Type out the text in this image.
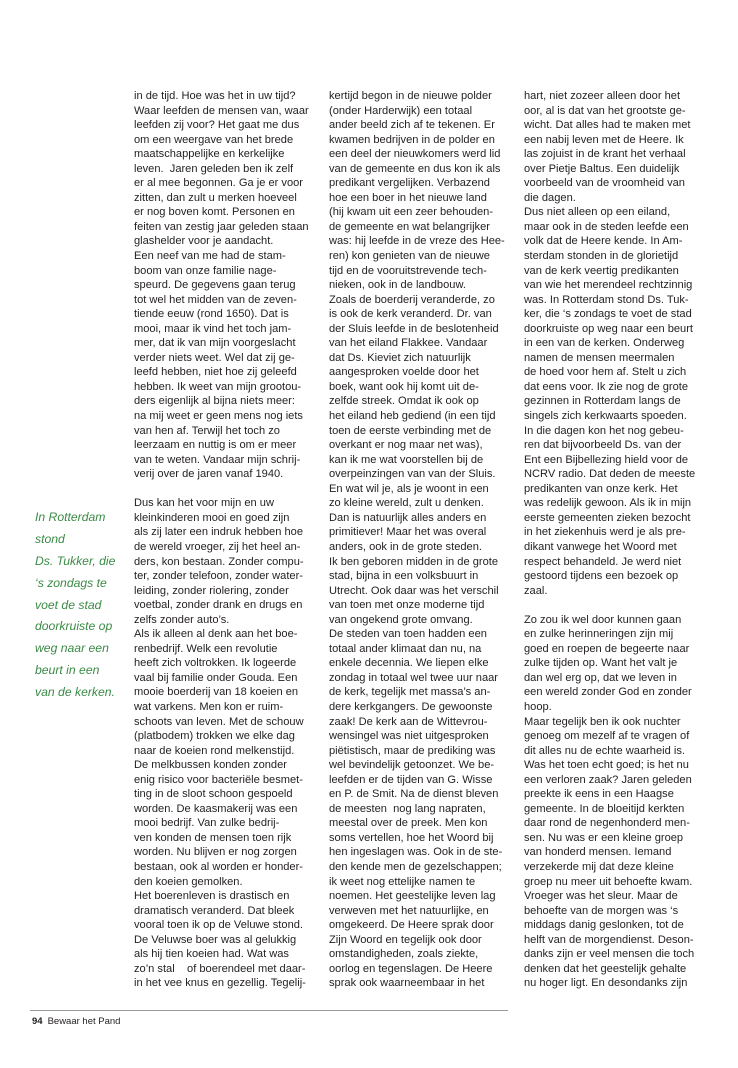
In Rotterdam
stond
Ds. Tukker, die
‘s zondags te
voet de stad
doorkruiste op
weg naar een
beurt in een
van de kerken.
in de tijd. Hoe was het in uw tijd?
Waar leefden de mensen van, waar
leefden zij voor? Het gaat me dus
om een weergave van het brede
maatschappelijke en kerkelijke
leven.  Jaren geleden ben ik zelf
er al mee begonnen. Ga je er voor
zitten, dan zult u merken hoeveel
er nog boven komt. Personen en
feiten van zestig jaar geleden staan
glashelder voor je aandacht.
Een neef van me had de stam-
boom van onze familie nage-
speurd. De gegevens gaan terug
tot wel het midden van de zeven-
tiende eeuw (rond 1650). Dat is
mooi, maar ik vind het toch jam-
mer, dat ik van mijn voorgeslacht
verder niets weet. Wel dat zij ge-
leefd hebben, niet hoe zij geleefd
hebben. Ik weet van mijn grootou-
ders eigenlijk al bijna niets meer:
na mij weet er geen mens nog iets
van hen af. Terwijl het toch zo
leerzaam en nuttig is om er meer
van te weten. Vandaar mijn schrij-
verij over de jaren vanaf 1940.
Dus kan het voor mijn en uw
kleinkinderen mooi en goed zijn
als zij later een indruk hebben hoe
de wereld vroeger, zij het heel an-
ders, kon bestaan. Zonder compu-
ter, zonder telefoon, zonder water-
leiding, zonder riolering, zonder
voetbal, zonder drank en drugs en
zelfs zonder auto’s.
Als ik alleen al denk aan het boe-
renbedrijf. Welk een revolutie
heeft zich voltrokken. Ik logeerde
vaal bij familie onder Gouda. Een
mooie boerderij van 18 koeien en
wat varkens. Men kon er ruim-
schoots van leven. Met de schouw
(platbodem) trokken we elke dag
naar de koeien rond melkenstijd.
De melkbussen konden zonder
enig risico voor bacteriële besmet-
ting in de sloot schoon gespoeld
worden. De kaasmakerij was een
mooi bedrijf. Van zulke bedrij-
ven konden de mensen toen rijk
worden. Nu blijven er nog zorgen
bestaan, ook al worden er honder-
den koeien gemolken.
Het boerenleven is drastisch en
dramatisch veranderd. Dat bleek
vooral toen ik op de Veluwe stond.
De Veluwse boer was al gelukkig
als hij tien koeien had. Wat was
zo’n stal    of boerendeel met daar-
in het vee knus en gezellig. Tegelij-
kertijd begon in de nieuwe polder
(onder Harderwijk) een totaal
ander beeld zich af te tekenen. Er
kwamen bedrijven in de polder en
een deel der nieuwkomers werd lid
van de gemeente en dus kon ik als
predikant vergelijken. Verbazend
hoe een boer in het nieuwe land
(hij kwam uit een zeer behouden-
de gemeente en wat belangrijker
was: hij leefde in de vreze des Hee-
ren) kon genieten van de nieuwe
tijd en de vooruitstrevende tech-
nieken, ook in de landbouw.
Zoals de boerderij veranderde, zo
is ook de kerk veranderd. Dr. van
der Sluis leefde in de beslotenheid
van het eiland Flakkee. Vandaar
dat Ds. Kieviet zich natuurlijk
aangesproken voelde door het
boek, want ook hij komt uit de-
zelfde streek. Omdat ik ook op
het eiland heb gediend (in een tijd
toen de eerste verbinding met de
overkant er nog maar net was),
kan ik me wat voorstellen bij de
overpeinzingen van van der Sluis.
En wat wil je, als je woont in een
zo kleine wereld, zult u denken.
Dan is natuurlijk alles anders en
primitiever! Maar het was overal
anders, ook in de grote steden.
Ik ben geboren midden in de grote
stad, bijna in een volksbuurt in
Utrecht. Ook daar was het verschil
van toen met onze moderne tijd
van ongekend grote omvang.
De steden van toen hadden een
totaal ander klimaat dan nu, na
enkele decennia. We liepen elke
zondag in totaal wel twee uur naar
de kerk, tegelijk met massa’s an-
dere kerkgangers. De gewoonste
zaak! De kerk aan de Wittevrou-
wensingel was niet uitgesproken
piëtistisch, maar de prediking was
wel bevindelijk getoonzet. We be-
leefden er de tijden van G. Wisse
en P. de Smit. Na de dienst bleven
de meesten  nog lang napraten,
meestal over de preek. Men kon
soms vertellen, hoe het Woord bij
hen ingeslagen was. Ook in de ste-
den kende men de gezelschappen;
ik weet nog ettelijke namen te
noemen. Het geestelijke leven lag
verweven met het natuurlijke, en
omgekeerd. De Heere sprak door
Zijn Woord en tegelijk ook door
omstandigheden, zoals ziekte,
oorlog en tegenslagen. De Heere
sprak ook waarneembaar in het
hart, niet zozeer alleen door het
oor, al is dat van het grootste ge-
wicht. Dat alles had te maken met
een nabij leven met de Heere. Ik
las zojuist in de krant het verhaal
over Pietje Baltus. Een duidelijk
voorbeeld van de vroomheid van
die dagen.
Dus niet alleen op een eiland,
maar ook in de steden leefde een
volk dat de Heere kende. In Am-
sterdam stonden in de glorietijd
van de kerk veertig predikanten
van wie het merendeel rechtzinnig
was. In Rotterdam stond Ds. Tuk-
ker, die ‘s zondags te voet de stad
doorkruiste op weg naar een beurt
in een van de kerken. Onderweg
namen de mensen meermalen
de hoed voor hem af. Stelt u zich
dat eens voor. Ik zie nog de grote
gezinnen in Rotterdam langs de
singels zich kerkwaarts spoeden.
In die dagen kon het nog gebeu-
ren dat bijvoorbeeld Ds. van der
Ent een Bijbellezing hield voor de
NCRV radio. Dat deden de meeste
predikanten van onze kerk. Het
was redelijk gewoon. Als ik in mijn
eerste gemeenten zieken bezocht
in het ziekenhuis werd je als pre-
dikant vanwege het Woord met
respect behandeld. Je werd niet
gestoord tijdens een bezoek op
zaal.
Zo zou ik wel door kunnen gaan
en zulke herinneringen zijn mij
goed en roepen de begeerte naar
zulke tijden op. Want het valt je
dan wel erg op, dat we leven in
een wereld zonder God en zonder
hoop.
Maar tegelijk ben ik ook nuchter
genoeg om mezelf af te vragen of
dit alles nu de echte waarheid is.
Was het toen echt goed; is het nu
een verloren zaak? Jaren geleden
preekte ik eens in een Haagse
gemeente. In de bloeitijd kerkten
daar rond de negenhonderd men-
sen. Nu was er een kleine groep
van honderd mensen. Iemand
verzekerde mij dat deze kleine
groep nu meer uit behoefte kwam.
Vroeger was het sleur. Maar de
behoefte van de morgen was ‘s
middags danig geslonken, tot de
helft van de morgendienst. Deson-
danks zijn er veel mensen die toch
denken dat het geestelijk gehalte
nu hoger ligt. En desondanks zijn
94 Bewaar het Pand
